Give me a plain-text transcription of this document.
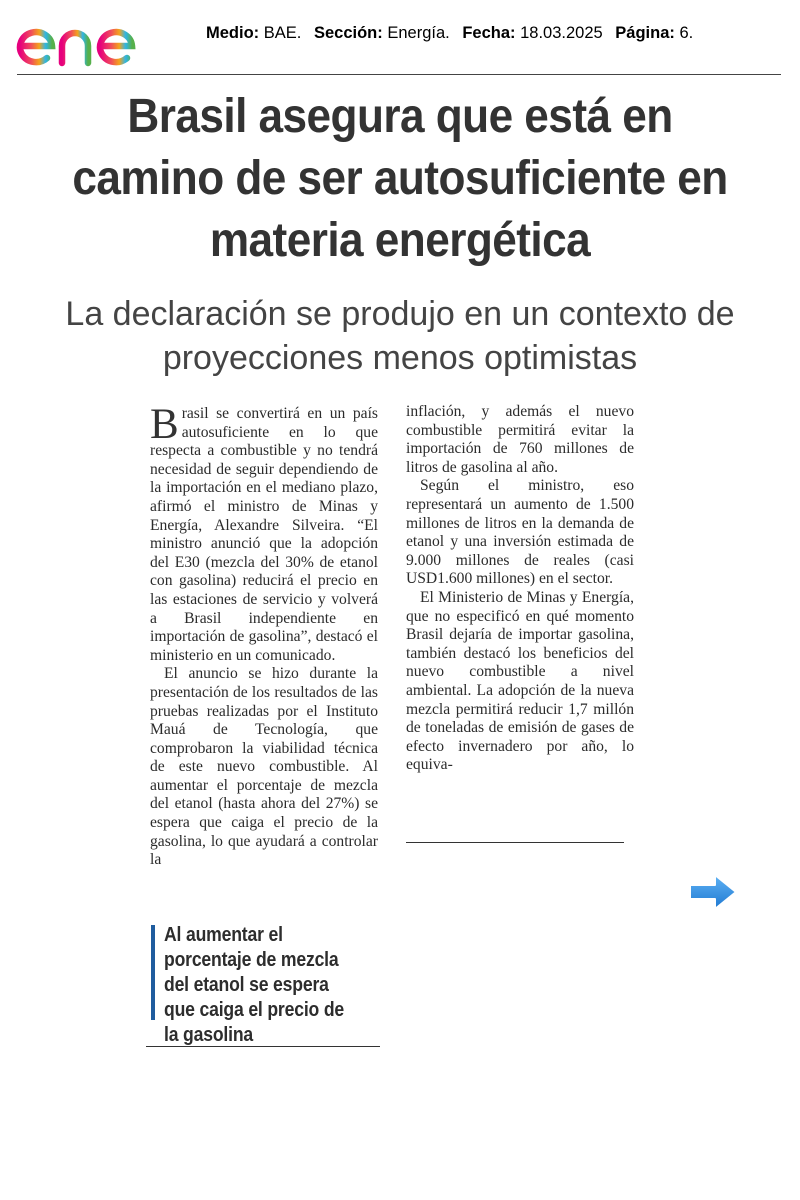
Medio: BAE. Sección: Energía. Fecha: 18.03.2025 Página: 6.
Brasil asegura que está en camino de ser autosuficiente en materia energética
La declaración se produjo en un contexto de proyecciones menos optimistas

Brasil se convertirá en un país autosuficiente en lo que respecta a combustible y no tendrá necesidad de seguir dependiendo de la importación en el mediano plazo, afirmó el ministro de Minas y Energía, Alexandre Silveira. “El ministro anunció que la adopción del E30 (mezcla del 30% de etanol con gasolina) reducirá el precio en las estaciones de servicio y volverá a Brasil independiente en importación de gasolina”, destacó el ministerio en un comunicado.

El anuncio se hizo durante la presentación de los resultados de las pruebas realizadas por el Instituto Mauá de Tecnología, que comprobaron la viabilidad técnica de este nuevo combustible. Al aumentar el porcentaje de mezcla del etanol (hasta ahora del 27%) se espera que caiga el precio de la gasolina, lo que ayudará a controlar la

inflación, y además el nuevo combustible permitirá evitar la importación de 760 millones de litros de gasolina al año.

Según el ministro, eso representará un aumento de 1.500 millones de litros en la demanda de etanol y una inversión estimada de 9.000 millones de reales (casi USD1.600 millones) en el sector.

El Ministerio de Minas y Energía, que no especificó en qué momento Brasil dejaría de importar gasolina, también destacó los beneficios del nuevo combustible a nivel ambiental. La adopción de la nueva mezcla permitirá reducir 1,7 millón de toneladas de emisión de gases de efecto invernadero por año, lo equiva-

Al aumentar el porcentaje de mezcla del etanol se espera que caiga el precio de la gasolina
